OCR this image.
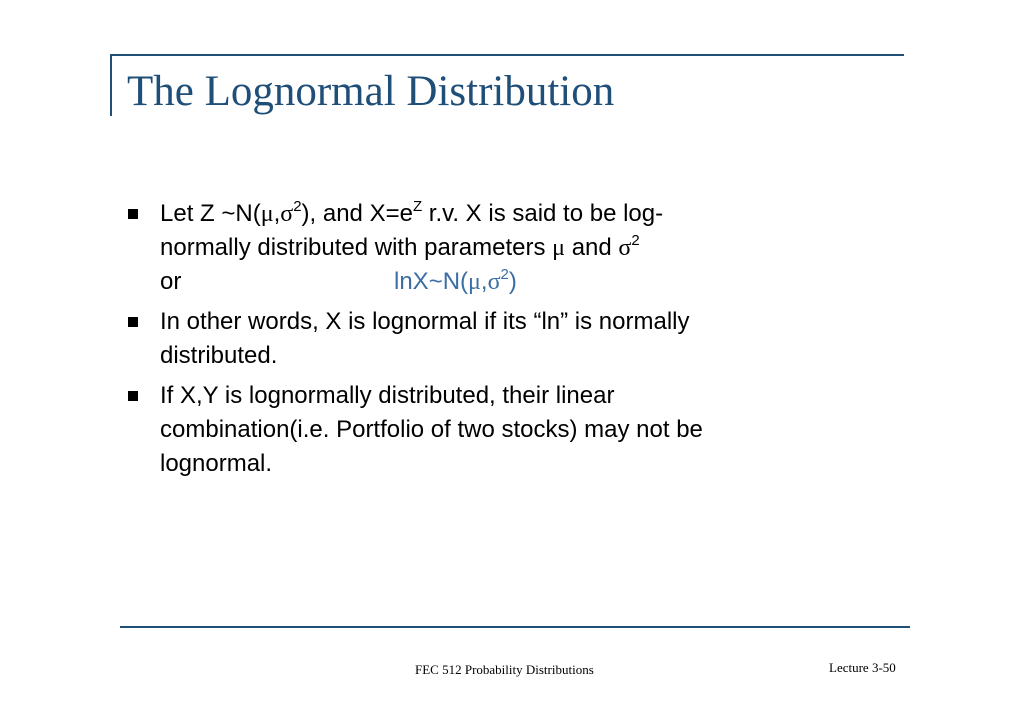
The Lognormal Distribution
Let Z $\sim N(\mu,\sigma^2)$, and $X=e^Z$ r.v. X is said to be log-
normally distributed with parameters μ and $\sigma^2$
or	$\ln X\sim N(\mu,\sigma^2)$
In other words, X is lognormal if its “ln” is normally
distributed.
If X,Y is lognormally distributed, their linear
combination(i.e. Portfolio of two stocks) may not be
lognormal.
FEC 512 Probability Distributions	Lecture 3-50
